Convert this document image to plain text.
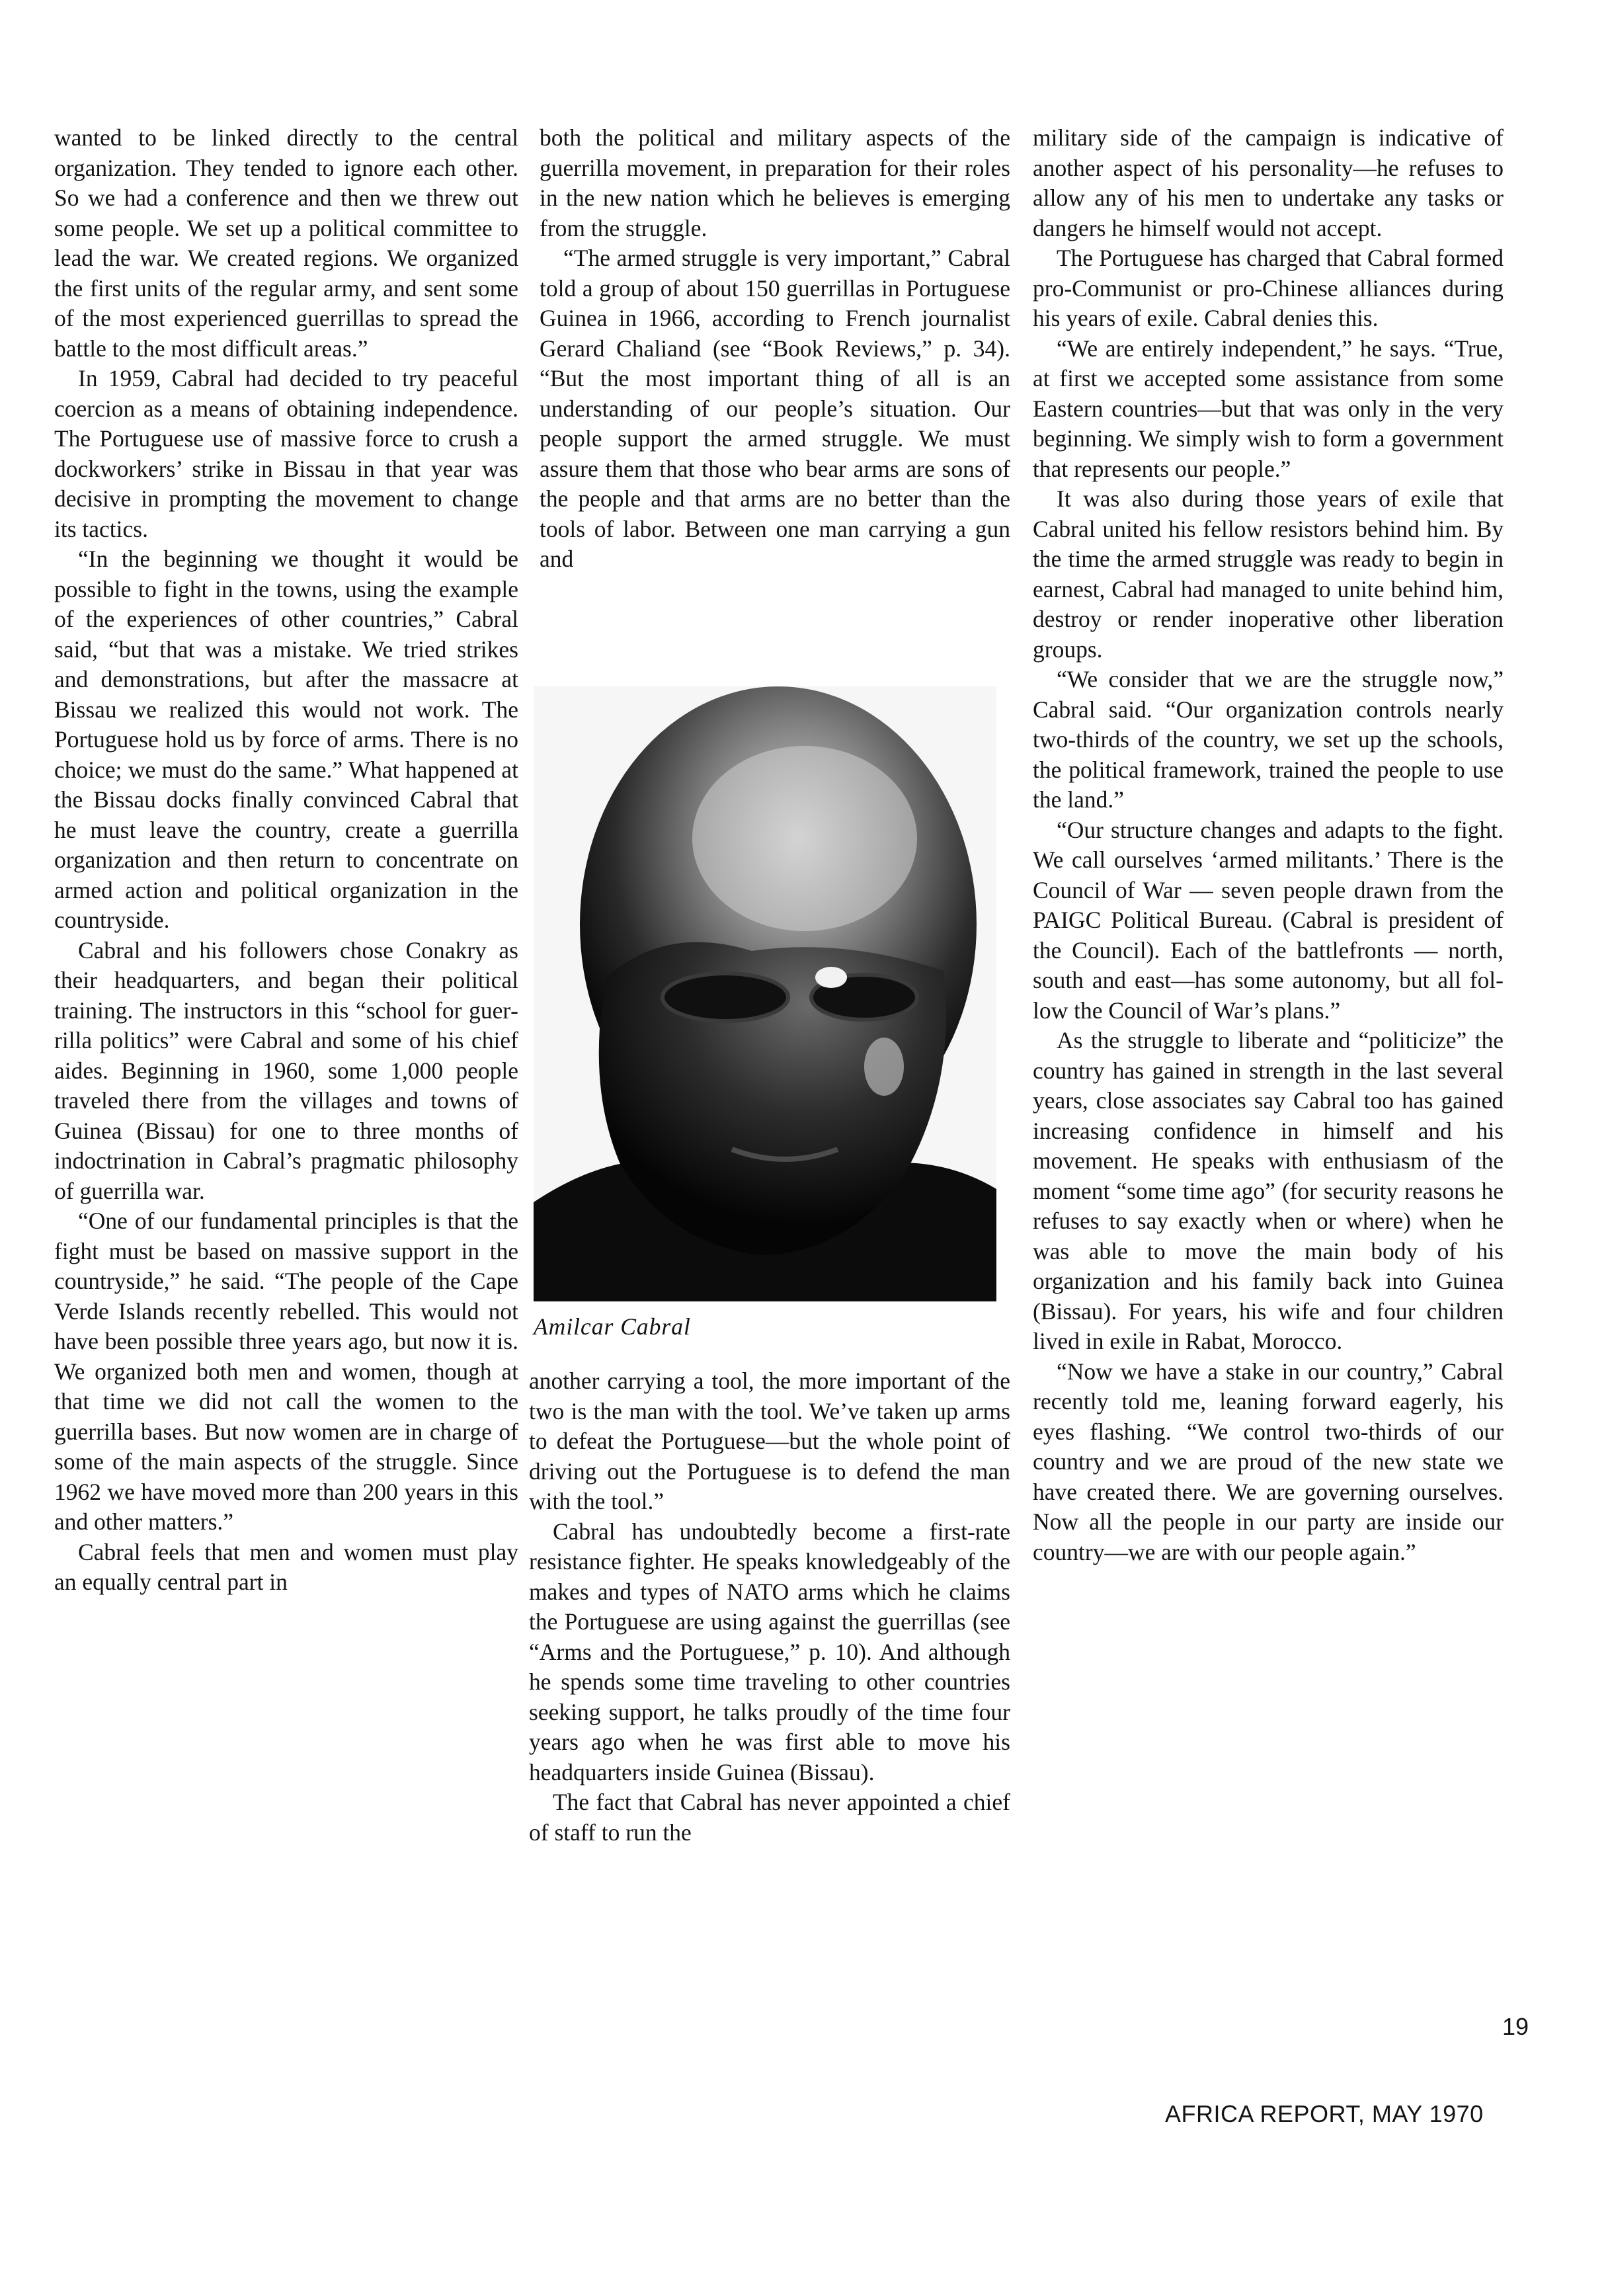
wanted to be linked directly to the central organization. They tended to ignore each other. So we had a conference and then we threw out some people. We set up a political committee to lead the war. We created regions. We organized the first units of the regular army, and sent some of the most experienced guerrillas to spread the battle to the most difficult areas.”

In 1959, Cabral had decided to try peaceful coercion as a means of obtaining independence. The Portuguese use of massive force to crush a dockworkers’ strike in Bissau in that year was decisive in prompting the movement to change its tactics.

“In the beginning we thought it would be possible to fight in the towns, using the example of the experiences of other countries,” Cabral said, “but that was a mistake. We tried strikes and demonstrations, but after the massacre at Bissau we realized this would not work. The Portuguese hold us by force of arms. There is no choice; we must do the same.” What happened at the Bissau docks finally convinced Cabral that he must leave the country, create a guerrilla organization and then return to concentrate on armed action and political organization in the countryside.

Cabral and his followers chose Conakry as their headquarters, and began their political training. The instructors in this “school for guerrilla politics” were Cabral and some of his chief aides. Beginning in 1960, some 1,000 people traveled there from the villages and towns of Guinea (Bissau) for one to three months of indoctrination in Cabral’s pragmatic philosophy of guerrilla war.

“One of our fundamental principles is that the fight must be based on massive support in the countryside,” he said. “The people of the Cape Verde Islands recently rebelled. This would not have been possible three years ago, but now it is. We organized both men and women, though at that time we did not call the women to the guerrilla bases. But now women are in charge of some of the main aspects of the struggle. Since 1962 we have moved more than 200 years in this and other matters.”

Cabral feels that men and women must play an equally central part in

both the political and military aspects of the guerrilla movement, in preparation for their roles in the new nation which he believes is emerging from the struggle.

“The armed struggle is very important,” Cabral told a group of about 150 guerrillas in Portuguese Guinea in 1966, according to French journalist Gerard Chaliand (see “Book Reviews,” p. 34). “But the most important thing of all is an understanding of our people’s situation. Our people support the armed struggle. We must assure them that those who bear arms are sons of the people and that arms are no better than the tools of labor. Between one man carrying a gun and

Amilcar Cabral

another carrying a tool, the more important of the two is the man with the tool. We’ve taken up arms to defeat the Portuguese—but the whole point of driving out the Portuguese is to defend the man with the tool.”

Cabral has undoubtedly become a first-rate resistance fighter. He speaks knowledgeably of the makes and types of NATO arms which he claims the Portuguese are using against the guerrillas (see “Arms and the Portuguese,” p. 10). And although he spends some time traveling to other countries seeking support, he talks proudly of the time four years ago when he was first able to move his headquarters inside Guinea (Bissau).

The fact that Cabral has never appointed a chief of staff to run the

military side of the campaign is indicative of another aspect of his personality—he refuses to allow any of his men to undertake any tasks or dangers he himself would not accept.

The Portuguese has charged that Cabral formed pro-Communist or pro-Chinese alliances during his years of exile. Cabral denies this.

“We are entirely independent,” he says. “True, at first we accepted some assistance from some Eastern countries—but that was only in the very beginning. We simply wish to form a government that represents our people.”

It was also during those years of exile that Cabral united his fellow resistors behind him. By the time the armed struggle was ready to begin in earnest, Cabral had managed to unite behind him, destroy or render inoperative other liberation groups.

“We consider that we are the struggle now,” Cabral said. “Our organization controls nearly two-thirds of the country, we set up the schools, the political framework, trained the people to use the land.”

“Our structure changes and adapts to the fight. We call ourselves ‘armed militants.’ There is the Council of War — seven people drawn from the PAIGC Political Bureau. (Cabral is president of the Council). Each of the battlefronts — north, south and east—has some autonomy, but all follow the Council of War’s plans.”

As the struggle to liberate and “politicize” the country has gained in strength in the last several years, close associates say Cabral too has gained increasing confidence in himself and his movement. He speaks with enthusiasm of the moment “some time ago” (for security reasons he refuses to say exactly when or where) when he was able to move the main body of his organization and his family back into Guinea (Bissau). For years, his wife and four children lived in exile in Rabat, Morocco.

“Now we have a stake in our country,” Cabral recently told me, leaning forward eagerly, his eyes flashing. “We control two-thirds of our country and we are proud of the new state we have created there. We are governing ourselves. Now all the people in our party are inside our country—we are with our people again.”

19
AFRICA REPORT, MAY 1970
